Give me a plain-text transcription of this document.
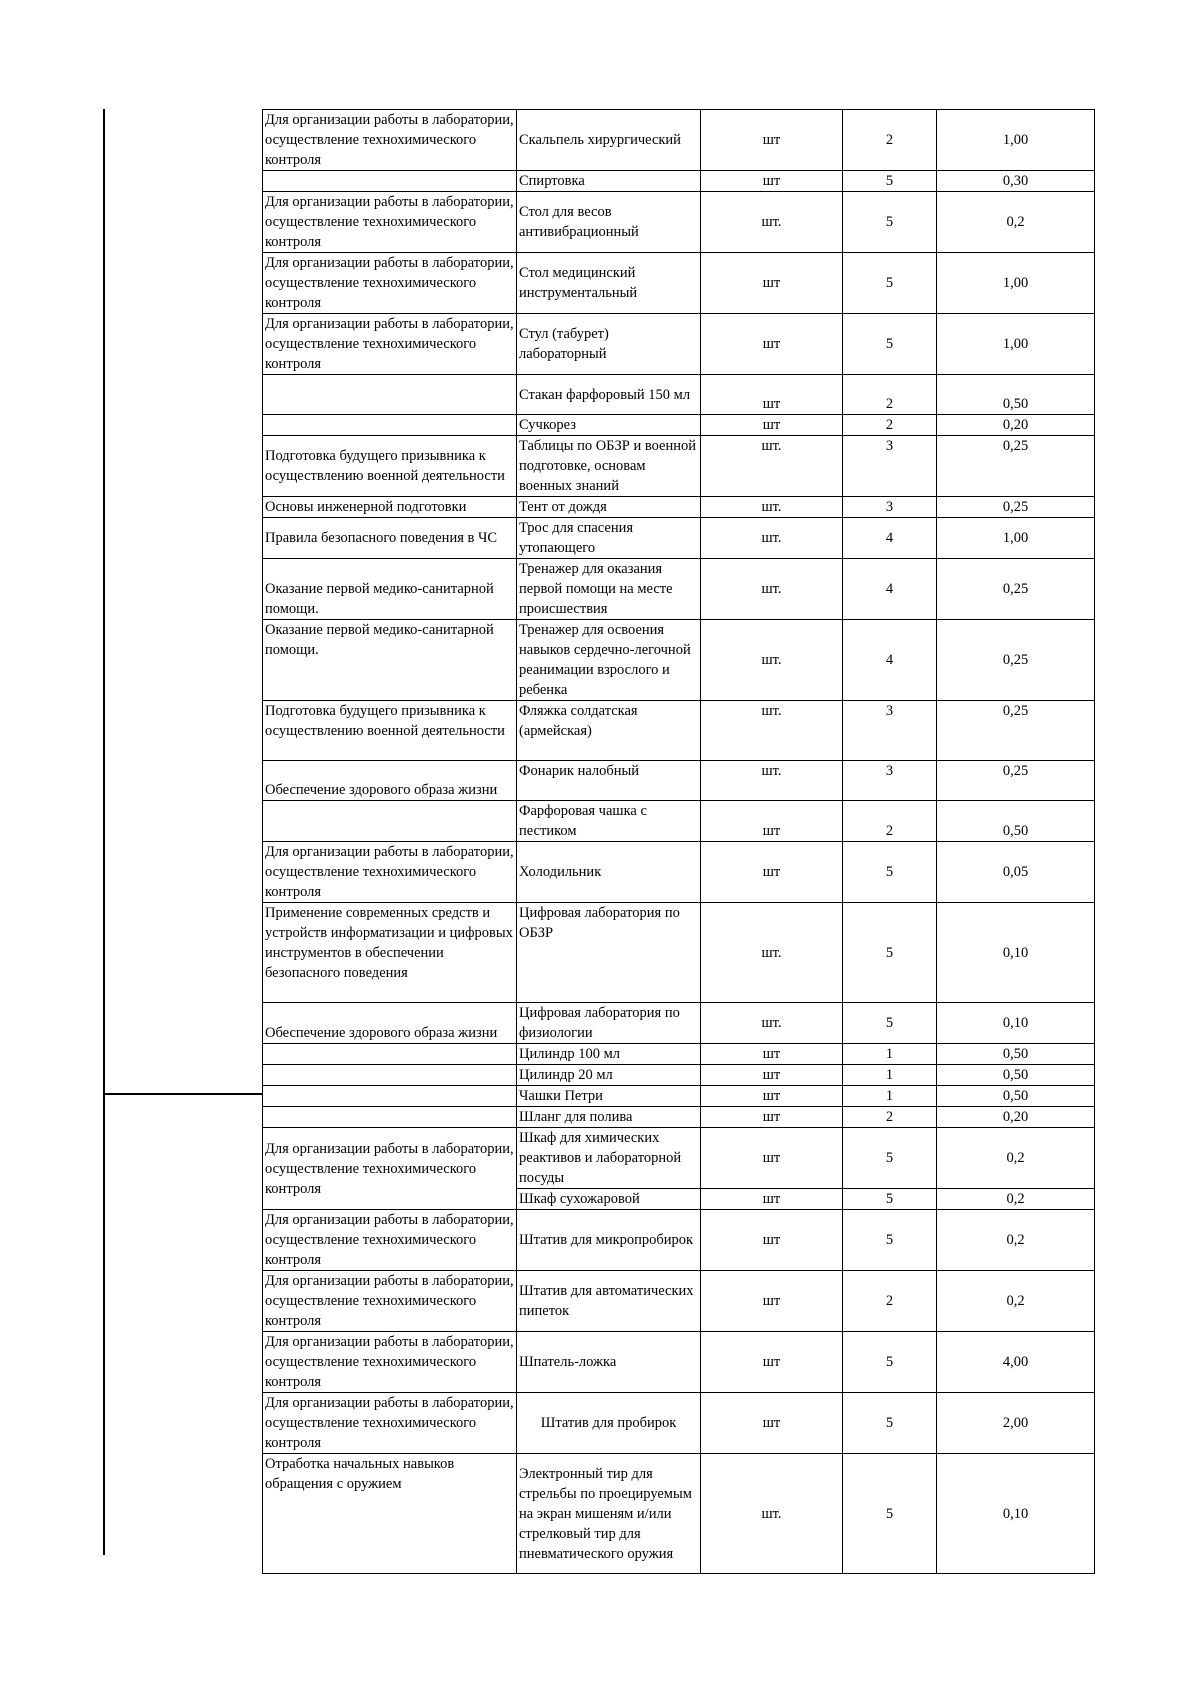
Для организации работы в лаборатории, осуществление технохимического контроля	Скальпель хирургический	шт	2	1,00
	Спиртовка	шт	5	0,30
Для организации работы в лаборатории, осуществление технохимического контроля	Стол для весов антивибрационный	шт.	5	0,2
Для организации работы в лаборатории, осуществление технохимического контроля	Стол медицинский инструментальный	шт	5	1,00
Для организации работы в лаборатории, осуществление технохимического контроля	Стул (табурет) лабораторный	шт	5	1,00
	Стакан фарфоровый 150 мл	шт	2	0,50
	Сучкорез	шт	2	0,20
Подготовка будущего призывника к осуществлению военной деятельности	Таблицы по ОБЗР и военной подготовке, основам военных знаний	шт.	3	0,25
Основы инженерной подготовки	Тент от дождя	шт.	3	0,25
Правила безопасного поведения в ЧС	Трос для спасения утопающего	шт.	4	1,00
Оказание первой медико-санитарной помощи.	Тренажер для оказания первой помощи на месте происшествия	шт.	4	0,25
Оказание первой медико-санитарной помощи.	Тренажер для освоения навыков сердечно-легочной реанимации взрослого и ребенка	шт.	4	0,25
Подготовка будущего призывника к осуществлению военной деятельности	Фляжка солдатская (армейская)	шт.	3	0,25
Обеспечение здорового образа жизни	Фонарик налобный	шт.	3	0,25
	Фарфоровая чашка с пестиком	шт	2	0,50
Для организации работы в лаборатории, осуществление технохимического контроля	Холодильник	шт	5	0,05
Применение современных средств и устройств информатизации и цифровых инструментов в обеспечении безопасного поведения	Цифровая лаборатория по ОБЗР	шт.	5	0,10
Обеспечение здорового образа жизни	Цифровая лаборатория по физиологии	шт.	5	0,10
	Цилиндр 100 мл	шт	1	0,50
	Цилиндр 20 мл	шт	1	0,50
	Чашки Петри	шт	1	0,50
	Шланг для полива	шт	2	0,20
Для организации работы в лаборатории, осуществление технохимического контроля	Шкаф для химических реактивов и лабораторной посуды	шт	5	0,2
	Шкаф сухожаровой	шт	5	0,2
Для организации работы в лаборатории, осуществление технохимического контроля	Штатив для микропробирок	шт	5	0,2
Для организации работы в лаборатории, осуществление технохимического контроля	Штатив для автоматических пипеток	шт	2	0,2
Для организации работы в лаборатории, осуществление технохимического контроля	Шпатель-ложка	шт	5	4,00
Для организации работы в лаборатории, осуществление технохимического контроля	Штатив для пробирок	шт	5	2,00
Отработка начальных навыков обращения с оружием	Электронный тир для стрельбы по проецируемым на экран мишеням и/или стрелковый тир для пневматического оружия	шт.	5	0,10
